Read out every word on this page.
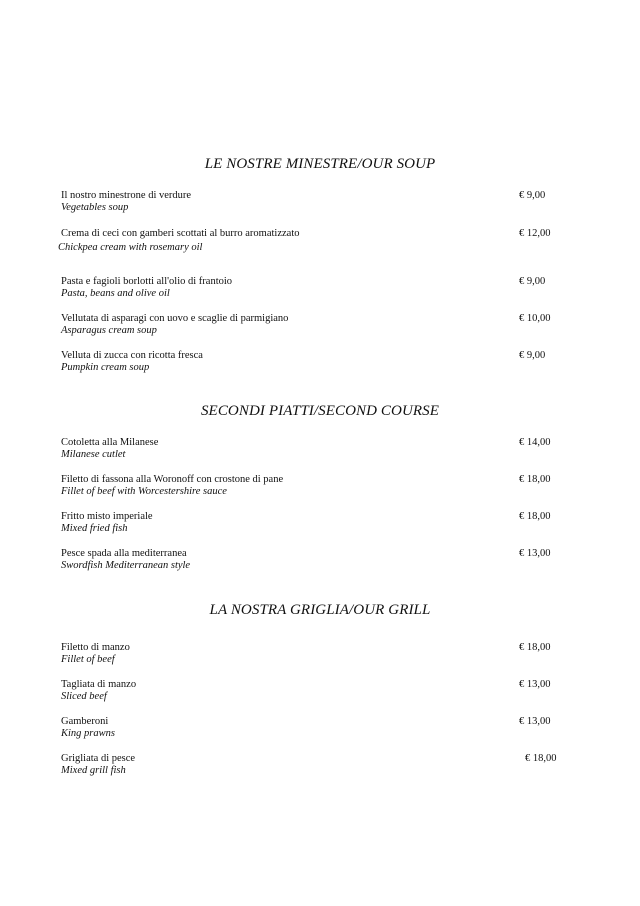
LE NOSTRE MINESTRE/OUR SOUP
Il nostro minestrone di verdure
Vegetables soup
€ 9,00
Crema di ceci con gamberi scottati al burro aromatizzato
Chickpea cream with rosemary oil
€ 12,00
Pasta e fagioli borlotti all'olio di frantoio
Pasta, beans and olive oil
€ 9,00
Vellutata di asparagi con uovo e scaglie di parmigiano
Asparagus cream soup
€ 10,00
Velluta di zucca con ricotta fresca
Pumpkin cream soup
€ 9,00
SECONDI PIATTI/SECOND COURSE
Cotoletta alla Milanese
Milanese cutlet
€ 14,00
Filetto di fassona alla Woronoff con crostone di pane
Fillet of beef with Worcestershire sauce
€ 18,00
Fritto misto imperiale
Mixed fried fish
€ 18,00
Pesce spada alla mediterranea
Swordfish Mediterranean style
€ 13,00
LA NOSTRA GRIGLIA/OUR GRILL
Filetto di manzo
Fillet of beef
€ 18,00
Tagliata di manzo
Sliced beef
€ 13,00
Gamberoni
King prawns
€ 13,00
Grigliata di pesce
Mixed grill fish
€ 18,00
